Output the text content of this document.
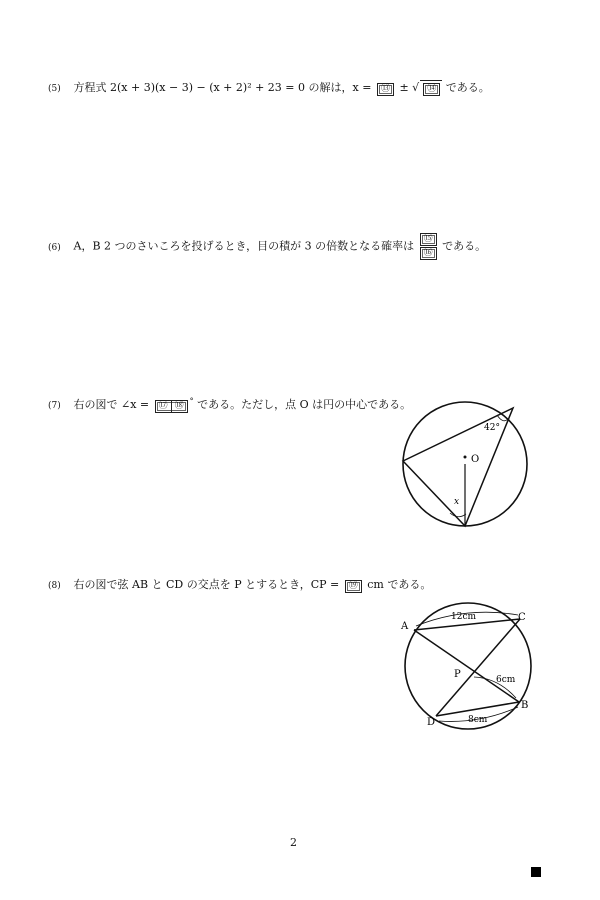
(5) 方程式 2(x + 3)(x − 3) − (x + 2)² + 23 = 0 の解は，x = ⑬ ± √ ⑭ である。
(6) A，B 2 つのさいころを投げるとき，目の積が 3 の倍数となる確率は $\frac{\text{⑮}}{\text{⑯}}$ である。
(7) 右の図で ∠x = ⑰ ⑱° である。ただし，点 O は円の中心である。
O
42°
x
(8) 右の図で弦 AB と CD の交点を P とするとき，CP = ⑲ cm である。
A
B
C
D
P
12cm
6cm
8cm
2
